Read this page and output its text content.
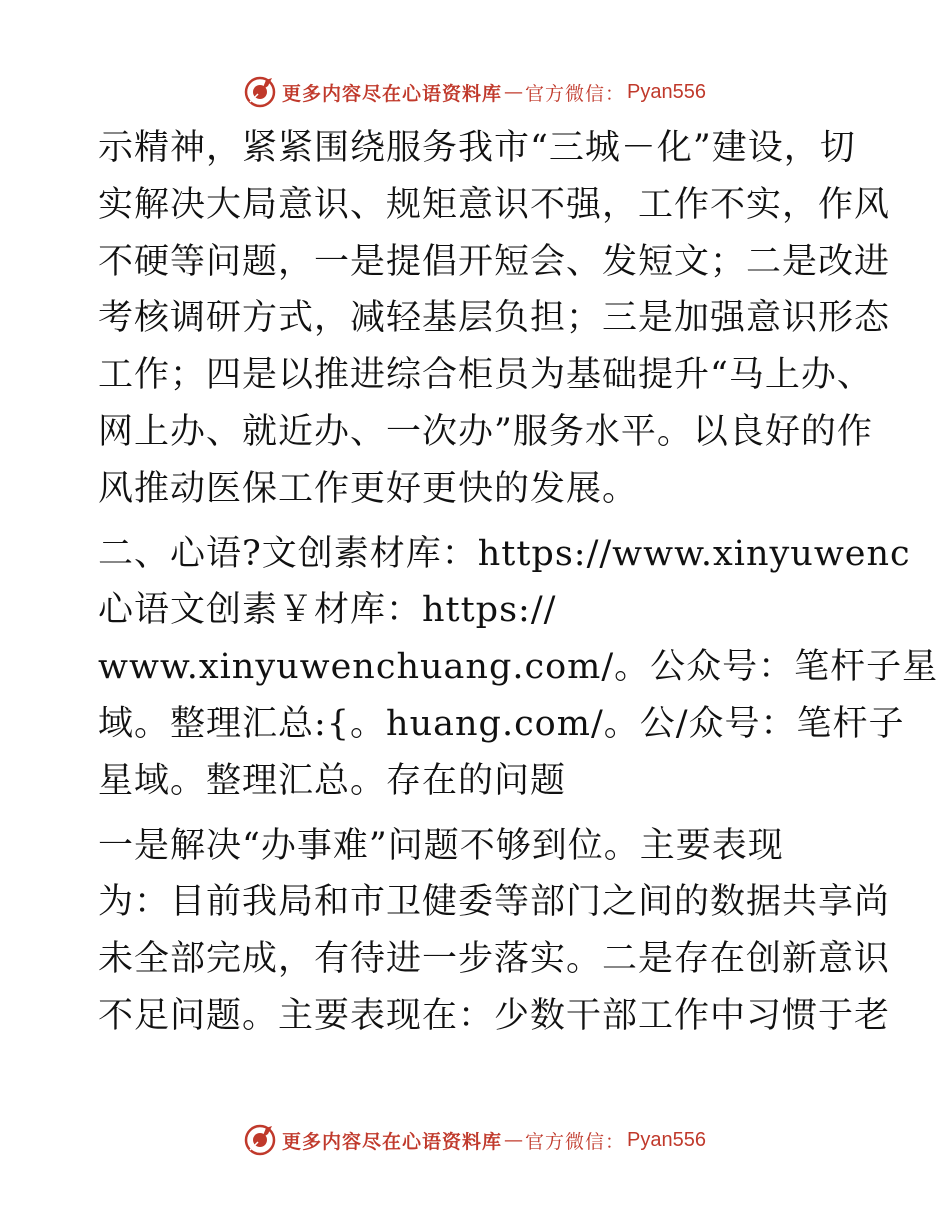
更多内容尽在心语资料库 — 官方微信： Pyan556
示精神，紧紧围绕服务我市“三城－化”建设，切
实解决大局意识、规矩意识不强，工作不实，作风
不硬等问题，一是提倡开短会、发短文；二是改进
考核调研方式，减轻基层负担；三是加强意识形态
工作；四是以推进综合柜员为基础提升“马上办、
网上办、就近办、一次办”服务水平。以良好的作
风推动医保工作更好更快的发展。
二、心语?文创素材库：https://www.xinyuwenc
心语文创素￥材库：https://
www.xinyuwenchuang.com/。公众号：笔杆子星
域。整理汇总:{。huang.com/。公/众号：笔杆子
星域。整理汇总。存在的问题
一是解决“办事难”问题不够到位。主要表现
为：目前我局和市卫健委等部门之间的数据共享尚
未全部完成，有待进一步落实。二是存在创新意识
不足问题。主要表现在：少数干部工作中习惯于老
更多内容尽在心语资料库 — 官方微信： Pyan556
